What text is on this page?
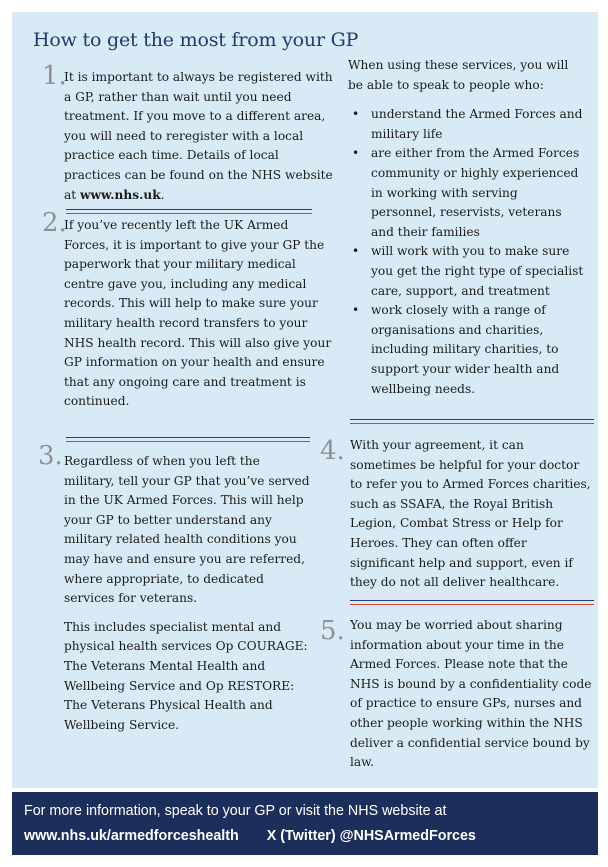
How to get the most from your GP
1.

It is important to always be registered with a GP, rather than wait until you need treatment. If you move to a different area, you will need to reregister with a local practice each time. Details of local practices can be found on the NHS website at www.nhs.uk.

2.

If you’ve recently left the UK Armed Forces, it is important to give your GP the paperwork that your military medical centre gave you, including any medical records. This will help to make sure your military health record transfers to your NHS health record. This will also give your GP information on your health and ensure that any ongoing care and treatment is continued.

When using these services, you will be able to speak to people who:

• understand the Armed Forces and military life
• are either from the Armed Forces community or highly experienced in working with serving personnel, reservists, veterans and their families
• will work with you to make sure you get the right type of specialist care, support, and treatment
• work closely with a range of organisations and charities, including military charities, to support your wider health and wellbeing needs.
3. Regardless of when you left the military, tell your GP that you’ve served in the UK Armed Forces. This will help your GP to better understand any military related health conditions you may have and ensure you are referred, where appropriate, to dedicated services for veterans.

This includes specialist mental and physical health services Op COURAGE: The Veterans Mental Health and Wellbeing Service and Op RESTORE: The Veterans Physical Health and Wellbeing Service.

4. With your agreement, it can sometimes be helpful for your doctor to refer you to Armed Forces charities, such as SSAFA, the Royal British Legion, Combat Stress or Help for Heroes. They can often offer significant help and support, even if they do not all deliver healthcare.

5. You may be worried about sharing information about your time in the Armed Forces. Please note that the NHS is bound by a confidentiality code of practice to ensure GPs, nurses and other people working within the NHS deliver a confidential service bound by law.

For more information, speak to your GP or visit the NHS website at
www.nhs.uk/armedforceshealth X (Twitter) @NHSArmedForces
